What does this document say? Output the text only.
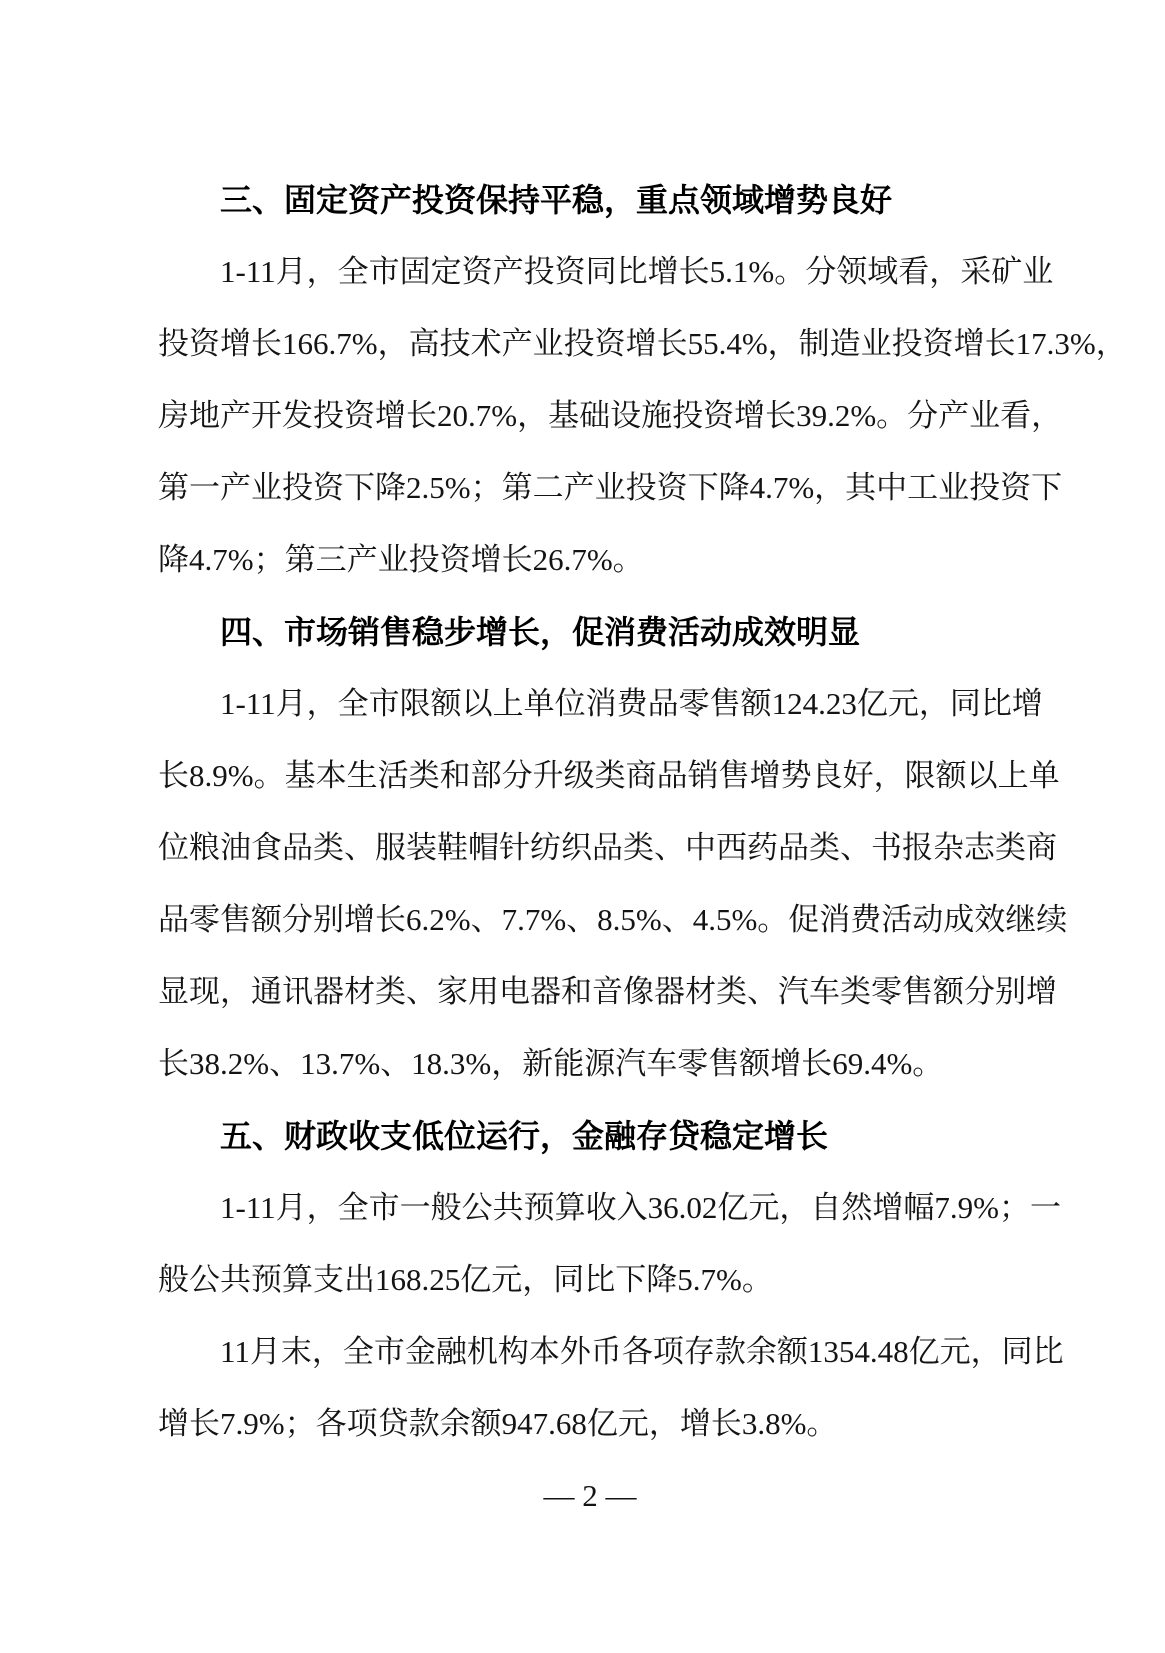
三、固定资产投资保持平稳，重点领域增势良好

1-11月，全市固定资产投资同比增长5.1%。分领域看，采矿业

投资增长166.7%，高技术产业投资增长55.4%，制造业投资增长17.3%，

房地产开发投资增长20.7%，基础设施投资增长39.2%。分产业看，

第一产业投资下降2.5%；第二产业投资下降4.7%，其中工业投资下

降4.7%；第三产业投资增长26.7%。

四、市场销售稳步增长，促消费活动成效明显

1-11月，全市限额以上单位消费品零售额124.23亿元，同比增

长8.9%。基本生活类和部分升级类商品销售增势良好，限额以上单

位粮油食品类、服装鞋帽针纺织品类、中西药品类、书报杂志类商

品零售额分别增长6.2%、7.7%、8.5%、4.5%。促消费活动成效继续

显现，通讯器材类、家用电器和音像器材类、汽车类零售额分别增

长38.2%、13.7%、18.3%，新能源汽车零售额增长69.4%。

五、财政收支低位运行，金融存贷稳定增长

1-11月，全市一般公共预算收入36.02亿元，自然增幅7.9%；一

般公共预算支出168.25亿元，同比下降5.7%。

11月末，全市金融机构本外币各项存款余额1354.48亿元，同比

增长7.9%；各项贷款余额947.68亿元，增长3.8%。

— 2 —
